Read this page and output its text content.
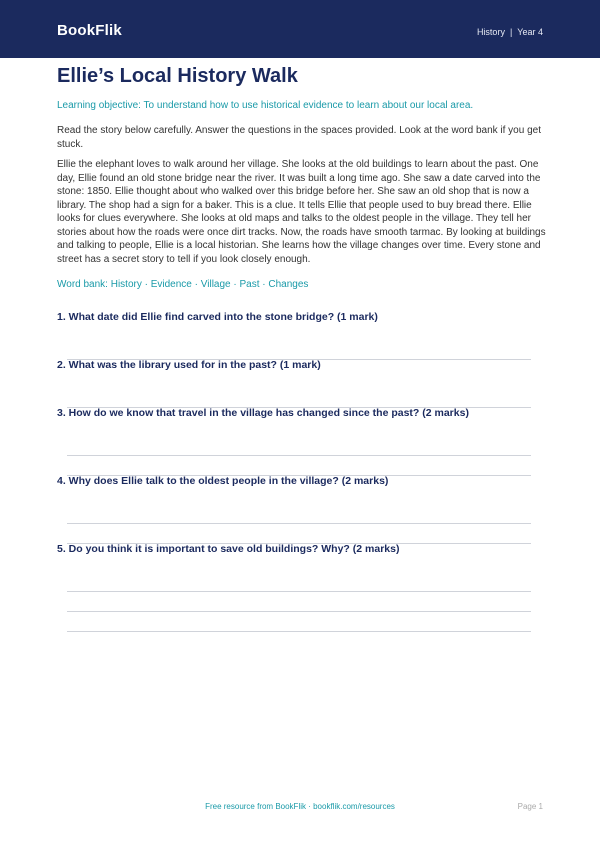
BookFlik	History | Year 4
Ellie’s Local History Walk

Learning objective: To understand how to use historical evidence to learn about our local area.

Read the story below carefully. Answer the questions in the spaces provided. Look at the word bank if you get stuck.

Ellie the elephant loves to walk around her village. She looks at the old buildings to learn about the past. One day, Ellie found an old stone bridge near the river. It was built a long time ago. She saw a date carved into the stone: 1850. Ellie thought about who walked over this bridge before her. She saw an old shop that is now a library. The shop had a sign for a baker. This is a clue. It tells Ellie that people used to buy bread there. Ellie looks for clues everywhere. She looks at old maps and talks to the oldest people in the village. They tell her stories about how the roads were once dirt tracks. Now, the roads have smooth tarmac. By looking at buildings and talking to people, Ellie is a local historian. She learns how the village changes over time. Every stone and street has a secret story to tell if you look closely enough.

Word bank: History · Evidence · Village · Past · Changes

1. What date did Ellie find carved into the stone bridge? (1 mark)

2. What was the library used for in the past? (1 mark)

3. How do we know that travel in the village has changed since the past? (2 marks)

4. Why does Ellie talk to the oldest people in the village? (2 marks)

5. Do you think it is important to save old buildings? Why? (2 marks)

Free resource from BookFlik · bookflik.com/resources	Page 1
